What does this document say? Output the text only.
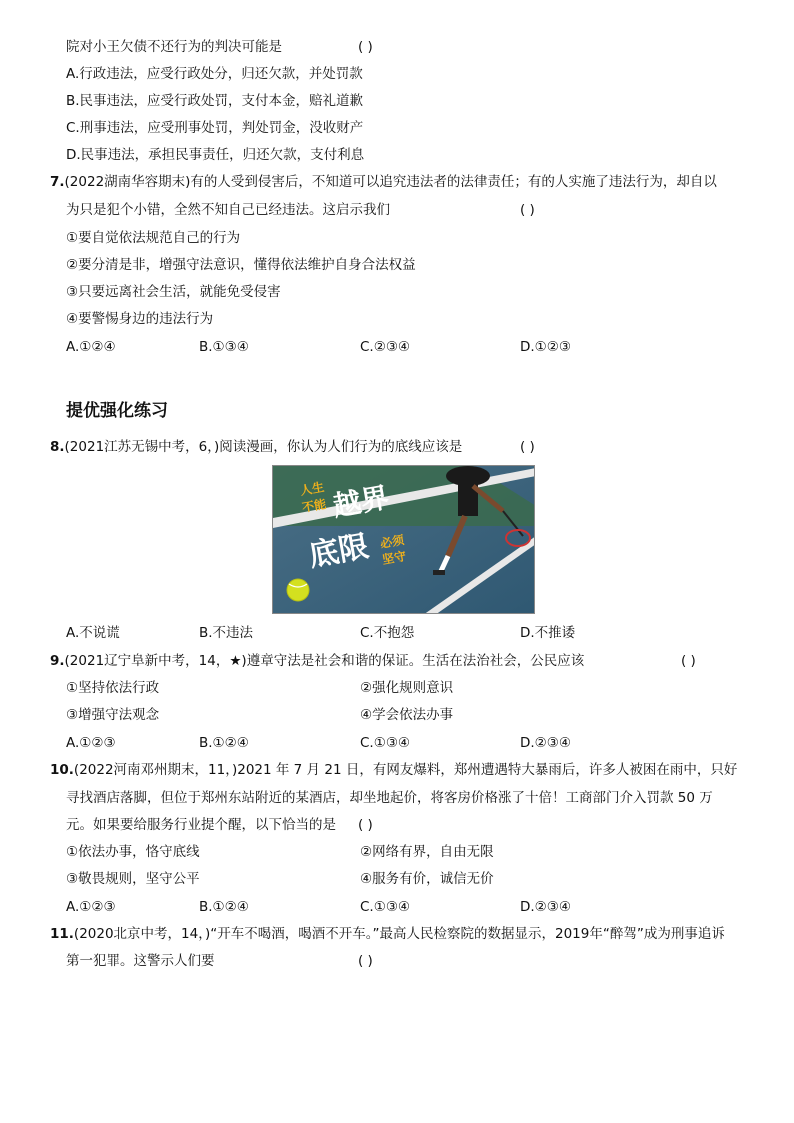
院对小王欠债不还行为的判决可能是	( )
A.行政违法，应受行政处分，归还欠款，并处罚款
B.民事违法，应受行政处罚，支付本金，赔礼道歉
C.刑事违法，应受刑事处罚，判处罚金，没收财产
D.民事违法，承担民事责任，归还欠款，支付利息
7.(2022湖南华容期末)有的人受到侵害后，不知道可以追究违法者的法律责任；有的人实施了违法行为，却自以
为只是犯个小错，全然不知自己已经违法。这启示我们	( )
①要自觉依法规范自己的行为
②要分清是非，增强守法意识，懂得依法维护自身合法权益
③只要远离社会生活，就能免受侵害
④要警惕身边的违法行为
A.①②④	B.①③④	C.②③④	D.①②③
提优强化练习
8.(2021江苏无锡中考，6，)阅读漫画，你认为人们行为的底线应该是	( )
人生
不能 越界
底限 必须
坚守
A.不说谎	B.不违法	C.不抱怨	D.不推诿
9.(2021辽宁阜新中考，14，★)遵章守法是社会和谐的保证。生活在法治社会，公民应该	( )
①坚持依法行政	②强化规则意识
③增强守法观念	④学会依法办事
A.①②③	B.①②④	C.①③④	D.②③④
10.(2022河南邓州期末，11，)2021 年 7 月 21 日，有网友爆料，郑州遭遇特大暴雨后，许多人被困在雨中，只好
寻找酒店落脚，但位于郑州东站附近的某酒店，却坐地起价，将客房价格涨了十倍！工商部门介入罚款 50 万
元。如果要给服务行业提个醒，以下恰当的是 ( )
①依法办事，恪守底线	②网络有界，自由无限
③敬畏规则，坚守公平	④服务有价，诚信无价
A.①②③	B.①②④	C.①③④	D.②③④
11.(2020北京中考，14，)“开车不喝酒，喝酒不开车。”最高人民检察院的数据显示，2019年“醉驾”成为刑事追诉
第一犯罪。这警示人们要	( )
